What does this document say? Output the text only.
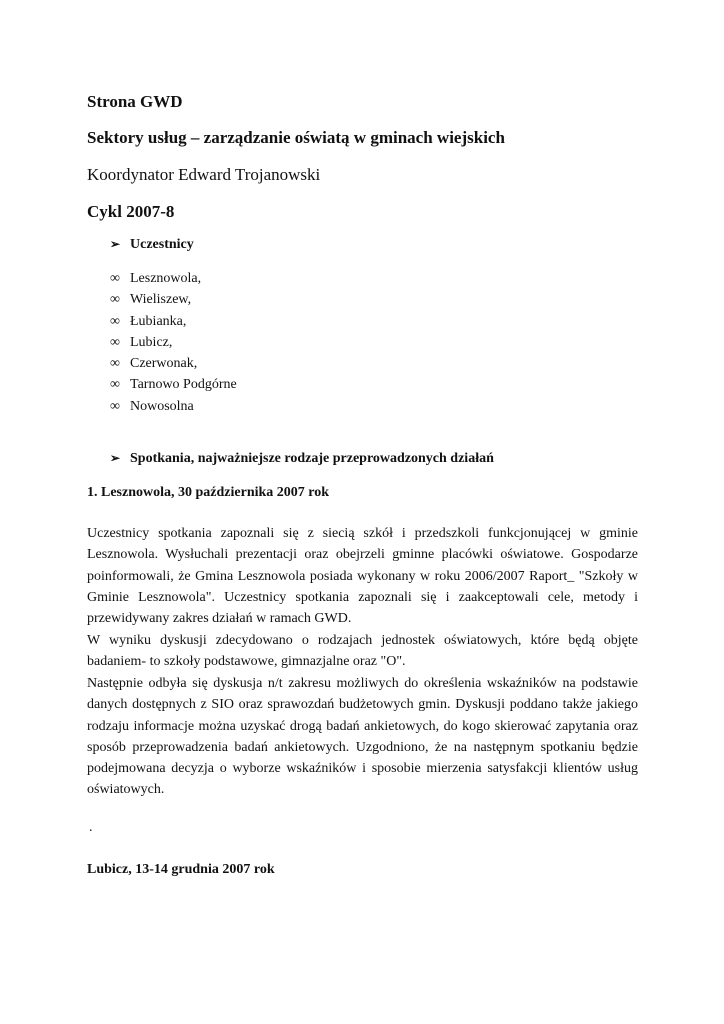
Strona GWD
Sektory usług – zarządzanie oświatą w gminach wiejskich
Koordynator Edward Trojanowski
Cykl 2007-8
➢ Uczestnicy
∞ Lesznowola,
∞ Wieliszew,
∞ Łubianka,
∞ Lubicz,
∞ Czerwonak,
∞ Tarnowo Podgórne
∞ Nowosolna
➢ Spotkania, najważniejsze rodzaje przeprowadzonych działań
1. Lesznowola, 30 października 2007 rok

Uczestnicy spotkania zapoznali się z siecią szkół i przedszkoli funkcjonującej w gminie Lesznowola. Wysłuchali prezentacji oraz obejrzeli gminne placówki oświatowe. Gospodarze poinformowali, że Gmina Lesznowola posiada wykonany w roku 2006/2007 Raport_ "Szkoły w Gminie Lesznowola". Uczestnicy spotkania zapoznali się i zaakceptowali cele, metody i przewidywany zakres działań w ramach GWD.

W wyniku dyskusji zdecydowano o rodzajach jednostek oświatowych, które będą objęte badaniem- to szkoły podstawowe, gimnazjalne oraz "O".

Następnie odbyła się dyskusja n/t zakresu możliwych do określenia wskaźników na podstawie danych dostępnych z SIO oraz sprawozdań budżetowych gmin. Dyskusji poddano także jakiego rodzaju informacje można uzyskać drogą badań ankietowych, do kogo skierować zapytania oraz sposób przeprowadzenia badań ankietowych. Uzgodniono, że na następnym spotkaniu będzie podejmowana decyzja o wyborze wskaźników i sposobie mierzenia satysfakcji klientów usług oświatowych.

.
Lubicz, 13-14 grudnia 2007 rok
